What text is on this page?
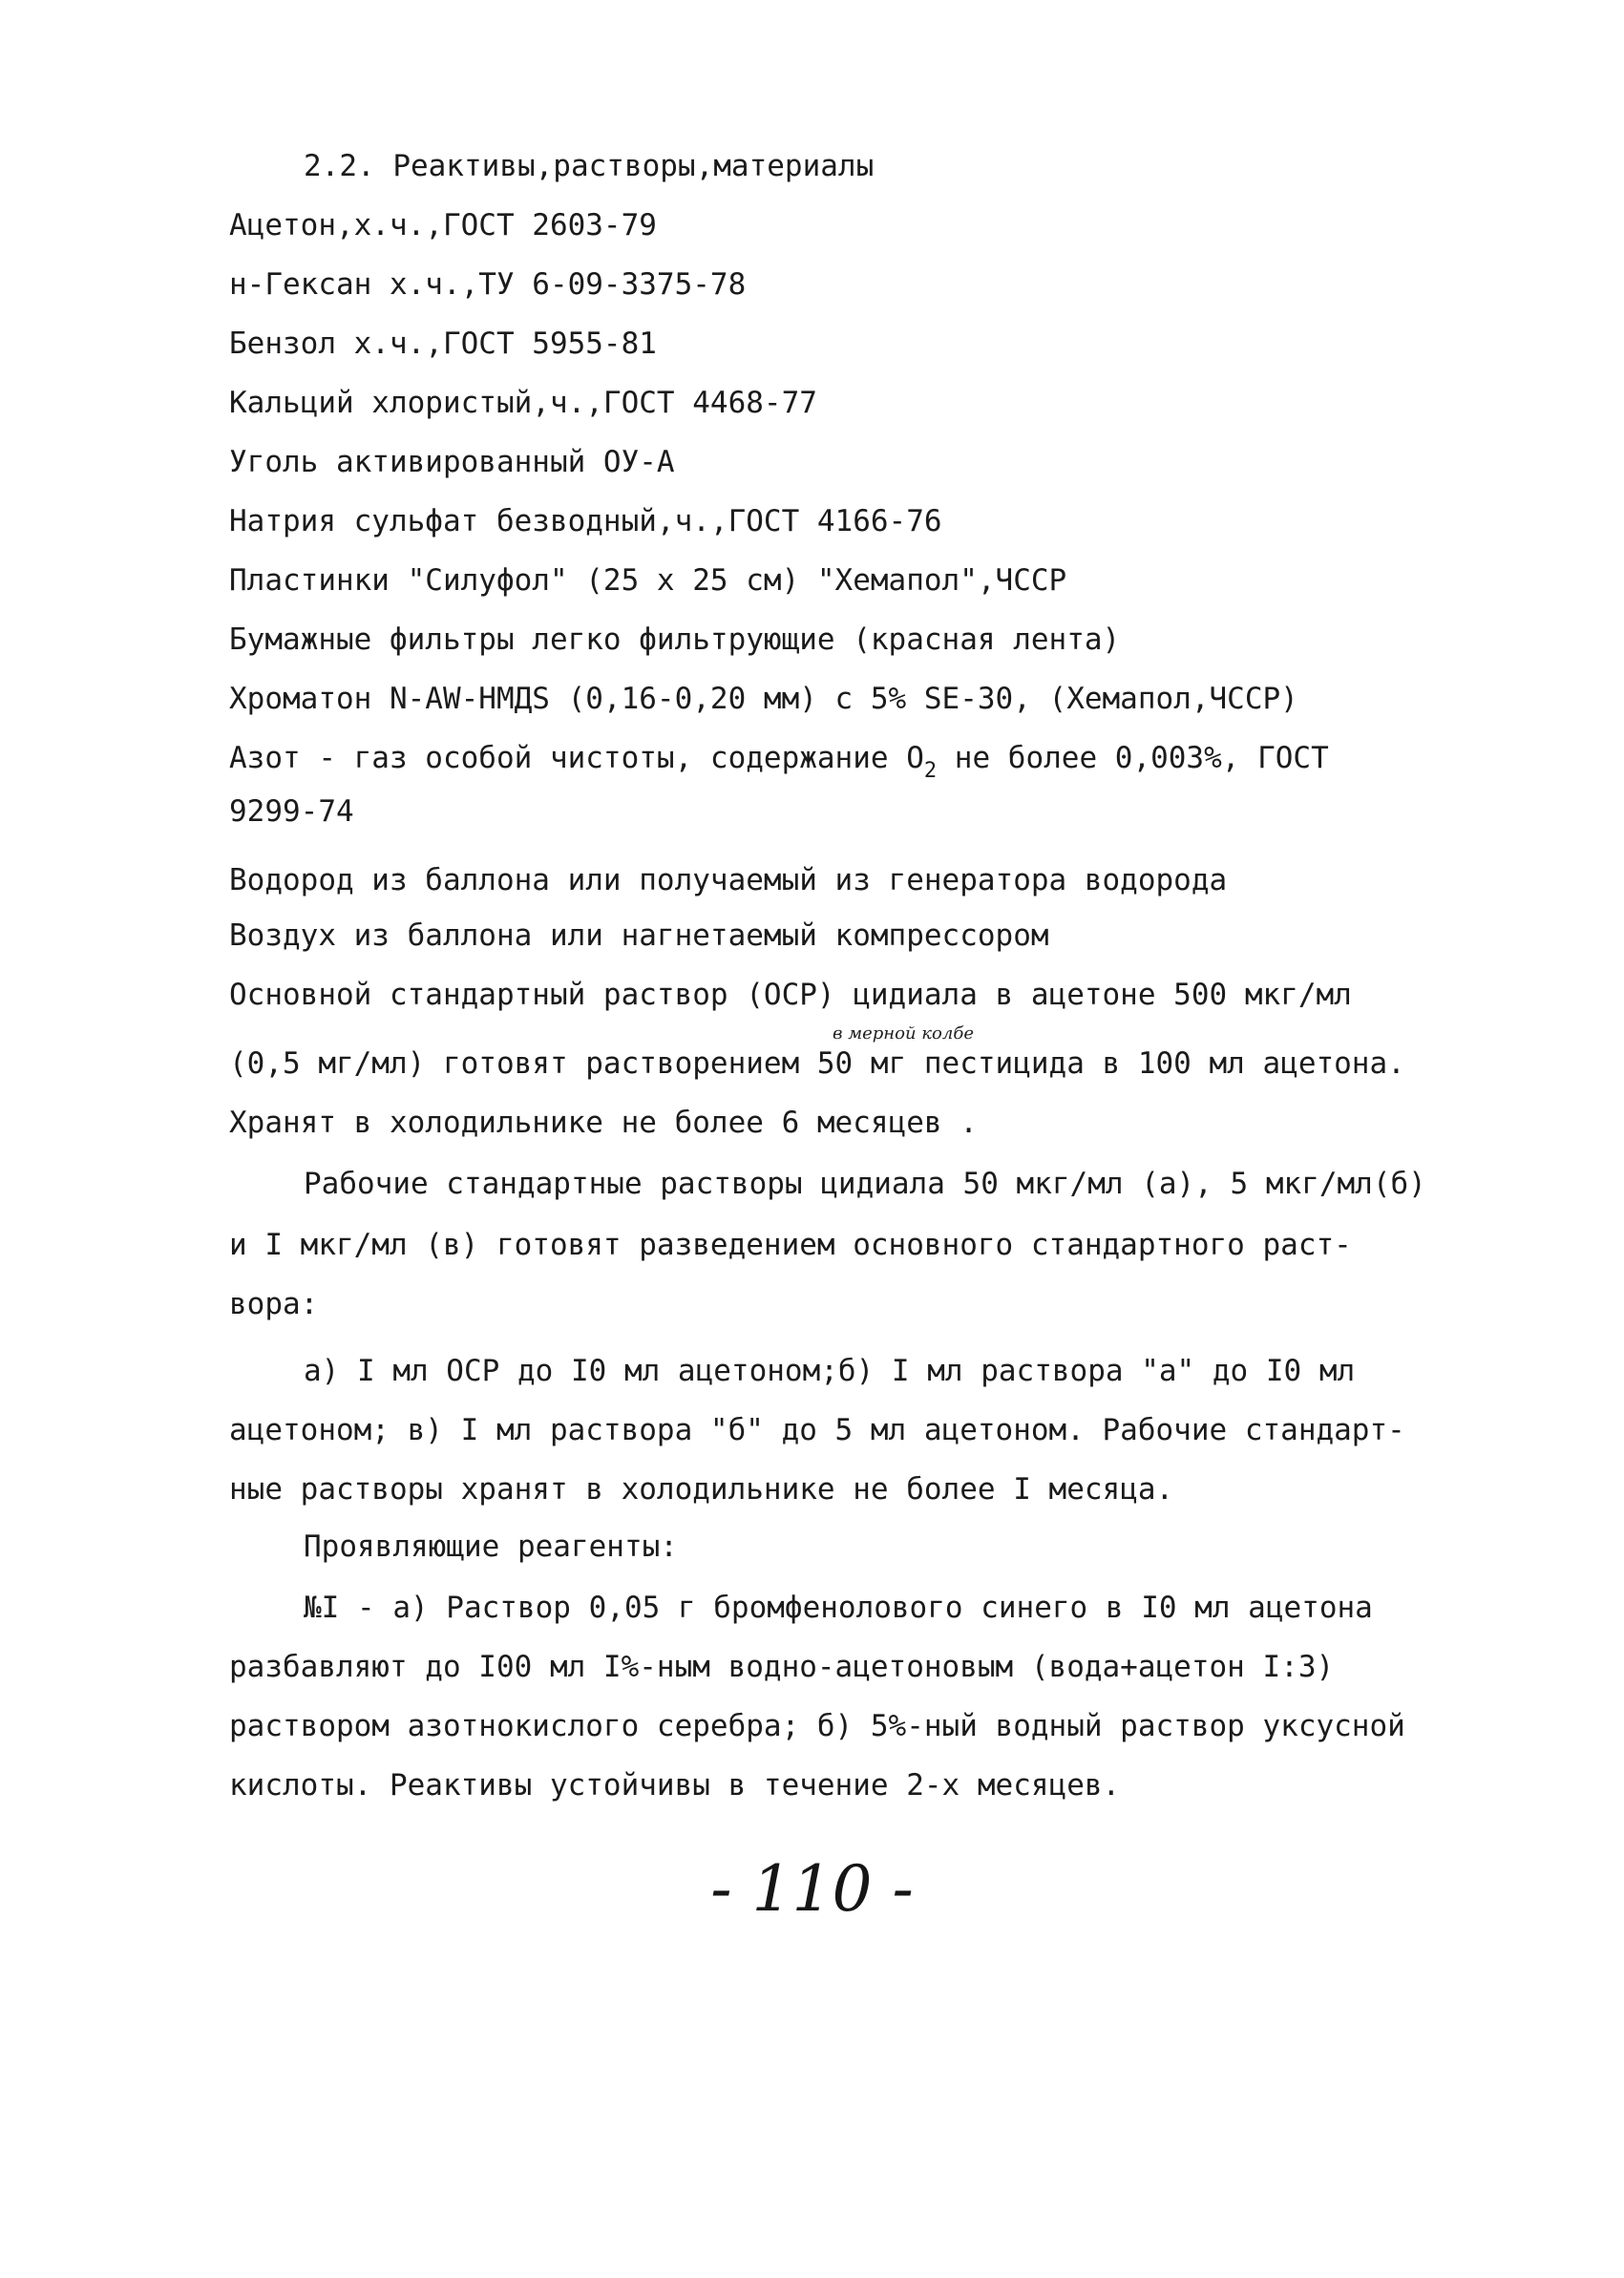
2.2. Реактивы,растворы,материалы
Ацетон,х.ч.,ГОСТ 2603-79
н-Гексан х.ч.,ТУ 6-09-3375-78
Бензол х.ч.,ГОСТ 5955-81
Кальций хлористый,ч.,ГОСТ 4468-77
Уголь активированный ОУ-А
Натрия сульфат безводный,ч.,ГОСТ 4166-76
Пластинки "Силуфол" (25 х 25 см) "Хемапол",ЧССР
Бумажные фильтры легко фильтрующие (красная лента)
Хроматон N-AW-НМДS (0,16-0,20 мм) с 5% SE-30, (Хемапол,ЧССР)
Азот - газ особой чистоты, содержание $O_2$ не более 0,003%, ГОСТ
9299-74
Водород из баллона или получаемый из генератора водорода
Воздух из баллона или нагнетаемый компрессором
Основной стандартный раствор (ОСР) цидиала в ацетоне 500 мкг/мл
в мерной колбе
(0,5 мг/мл) готовят растворением 50 мг пестицида в 100 мл ацетона.
Хранят в холодильнике не более 6 месяцев .
Рабочие стандартные растворы цидиала 50 мкг/мл (а), 5 мкг/мл(б)
и I мкг/мл (в) готовят разведением основного стандартного раст-
вора:
а) I мл ОСР до I0 мл ацетоном;б) I мл раствора "а" до I0 мл
ацетоном; в) I мл раствора "б" до 5 мл ацетоном. Рабочие стандарт-
ные растворы хранят в холодильнике не более I месяца.
Проявляющие реагенты:
№I - а) Раствор 0,05 г бромфенолового синего в I0 мл ацетона
разбавляют до I00 мл I%-ным водно-ацетоновым (вода+ацетон I:3)
раствором азотнокислого серебра; б) 5%-ный водный раствор уксусной
кислоты. Реактивы устойчивы в течение 2-х месяцев.
- 110 -
